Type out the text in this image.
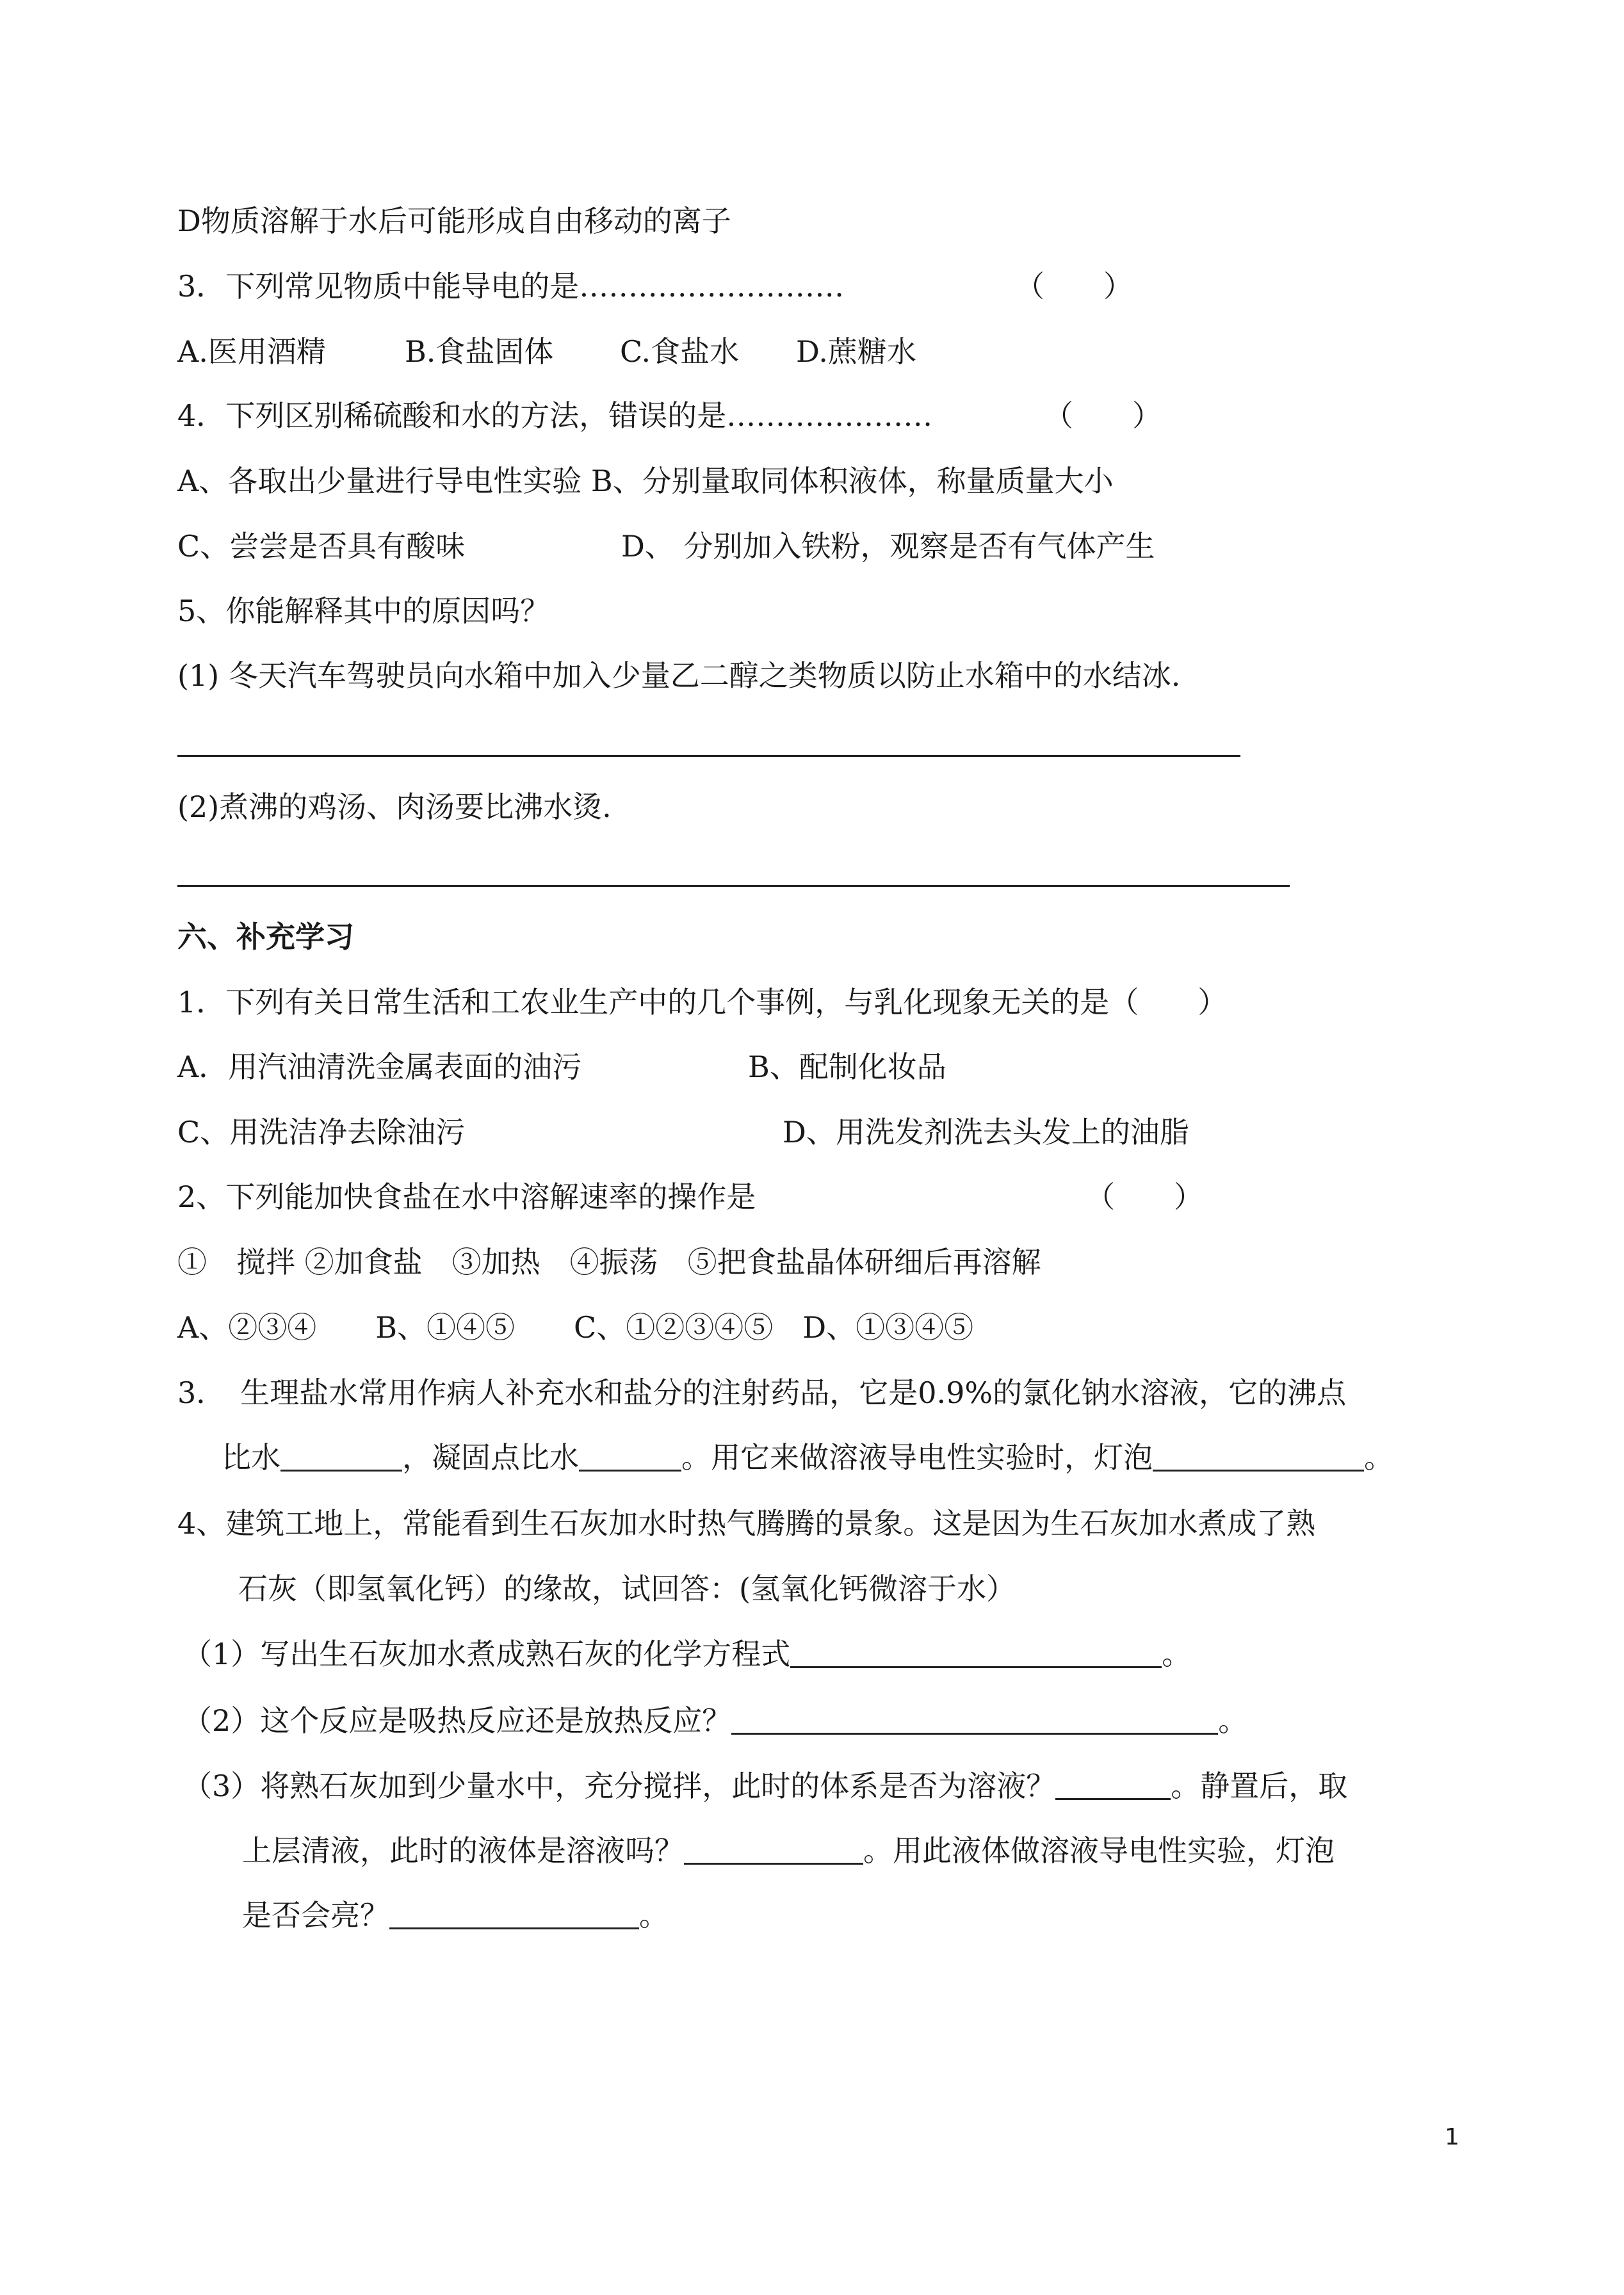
D物质溶解于水后可能形成自由移动的离子
3．下列常见物质中能导电的是………………………	（　　）
A.医用酒精	B.食盐固体 C.食盐水 D.蔗糖水
4．下列区别稀硫酸和水的方法，错误的是…………………	（　　）
A、各取出少量进行导电性实验 B、分别量取同体积液体，称量质量大小
C、尝尝是否具有酸味	D、 分别加入铁粉，观察是否有气体产生
5、你能解释其中的原因吗？
(1) 冬天汽车驾驶员向水箱中加入少量乙二醇之类物质以防止水箱中的水结冰.
(2)煮沸的鸡汤、肉汤要比沸水烫.
六、补充学习
1．下列有关日常生活和工农业生产中的几个事例，与乳化现象无关的是（　　）
A．用汽油清洗金属表面的油污	B、配制化妆品
C、用洗洁净去除油污	D、用洗发剂洗去头发上的油脂
2、下列能加快食盐在水中溶解速率的操作是	（　　）
①　搅拌 ②加食盐　③加热　④振荡　⑤把食盐晶体研细后再溶解
A、②③④　　B、①④⑤　　C、①②③④⑤　D、①③④⑤
3．　生理盐水常用作病人补充水和盐分的注射药品，它是0.9%的氯化钠水溶液，它的沸点
比水	，凝固点比水	。用它来做溶液导电性实验时，灯泡	。
4、建筑工地上，常能看到生石灰加水时热气腾腾的景象。这是因为生石灰加水煮成了熟
石灰（即氢氧化钙）的缘故，试回答：(氢氧化钙微溶于水）
（1）写出生石灰加水煮成熟石灰的化学方程式	。
（2）这个反应是吸热反应还是放热反应？	。
（3）将熟石灰加到少量水中，充分搅拌，此时的体系是否为溶液？	。静置后，取
上层清液，此时的液体是溶液吗？	。用此液体做溶液导电性实验，灯泡
是否会亮？	。
1
